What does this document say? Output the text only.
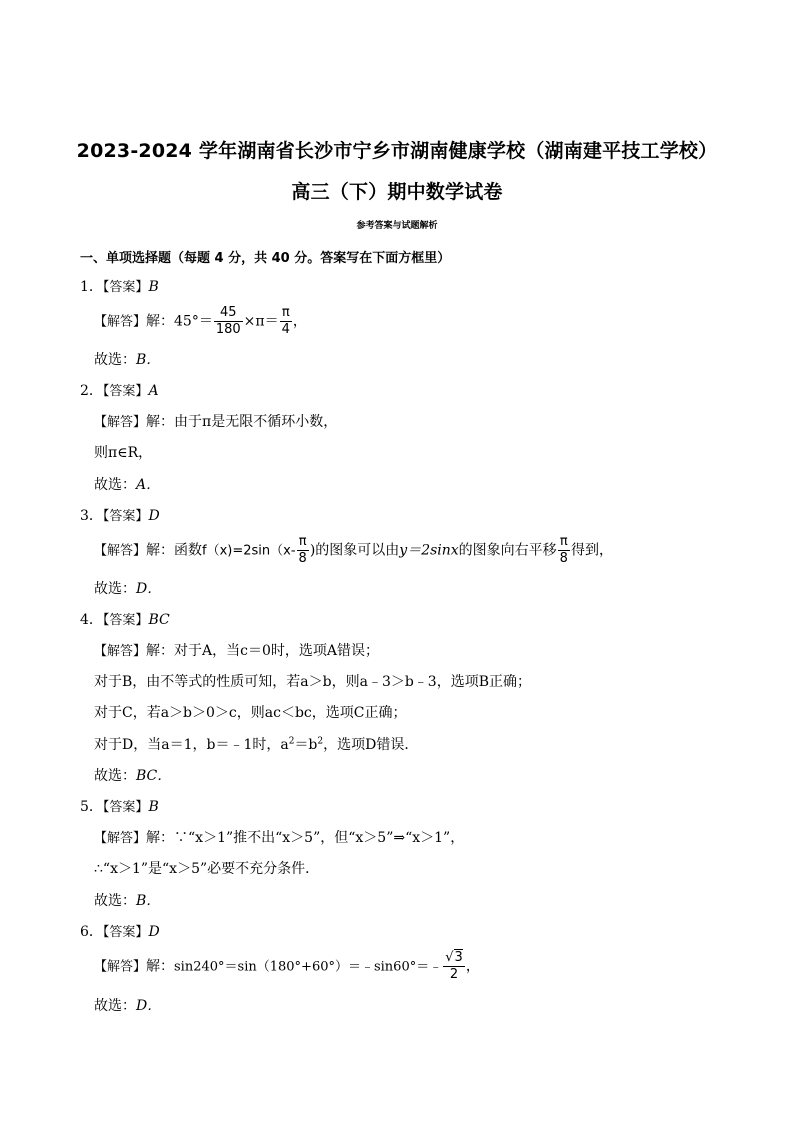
2023-2024 学年湖南省长沙市宁乡市湖南健康学校（湖南建平技工学校）
高三（下）期中数学试卷
参考答案与试题解析
一、单项选择题（每题 4 分，共 40 分。答案写在下面方框里）
1．【答案】B
【解答】解：$45^\circ= \frac{45}{180} \times\pi= \frac{\pi}{4}$ ，
故选：B．
2．【答案】A
【解答】解：由于π是无限不循环小数，
则π∈R，
故选：A．
3．【答案】D
【解答】解：函数$f(x)=2\sin(x- \frac{\pi}{8}$ )的图象可以由y＝2sinx的图象向右平移 $\frac{\pi}{8}$ 得到，
故选：D．
4．【答案】BC
【解答】解：对于A，当c＝0时，选项A错误；
对于B，由不等式的性质可知，若a＞b，则a﹣3＞b﹣3，选项B正确；
对于C，若a＞b＞0＞c，则ac＜bc，选项C正确；
对于D，当a＝1，b＝﹣1时，$a^2=b^2$，选项D错误．
故选：BC．
5．【答案】B
【解答】解：∵“x＞1”推不出“x＞5”，但“x＞5”⇒“x＞1”，
∴“x＞1”是“x＞5”必要不充分条件．
故选：B．
6．【答案】D
【解答】解：sin240°＝sin（180°+60°）＝﹣sin60°＝﹣ $\frac{√3}{2}$ ，
故选：D．
